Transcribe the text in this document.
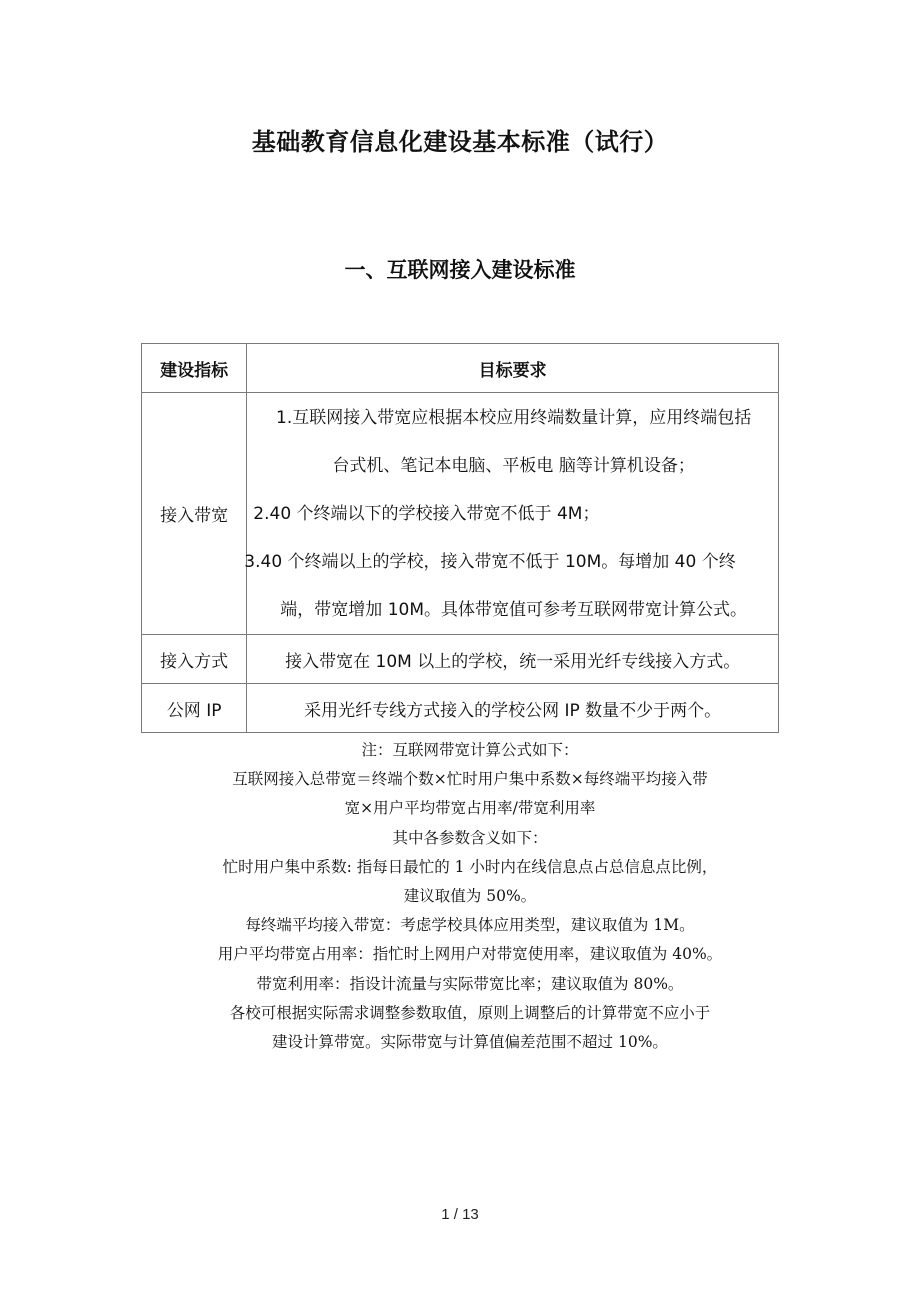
基础教育信息化建设基本标准（试行）
一、互联网接入建设标准
建设指标	目标要求
接入带宽	1.互联网接入带宽应根据本校应用终端数量计算，应用终端包括
台式机、笔记本电脑、平板电 脑等计算机设备；
2.40 个终端以下的学校接入带宽不低于 4M；
3.40 个终端以上的学校，接入带宽不低于 10M。每增加 40 个终
端，带宽增加 10M。具体带宽值可参考互联网带宽计算公式。

接入方式	接入带宽在 10M 以上的学校，统一采用光纤专线接入方式。
公网 IP	采用光纤专线方式接入的学校公网 IP 数量不少于两个。
注：互联网带宽计算公式如下：
互联网接入总带宽＝终端个数×忙时用户集中系数×每终端平均接入带
宽×用户平均带宽占用率/带宽利用率
其中各参数含义如下：
忙时用户集中系数: 指每日最忙的 1 小时内在线信息点占总信息点比例，
建议取值为 50%。
每终端平均接入带宽：考虑学校具体应用类型，建议取值为 1M。
用户平均带宽占用率：指忙时上网用户对带宽使用率，建议取值为 40%。
带宽利用率：指设计流量与实际带宽比率；建议取值为 80%。
各校可根据实际需求调整参数取值，原则上调整后的计算带宽不应小于
建设计算带宽。实际带宽与计算值偏差范围不超过 10%。
1 / 13
